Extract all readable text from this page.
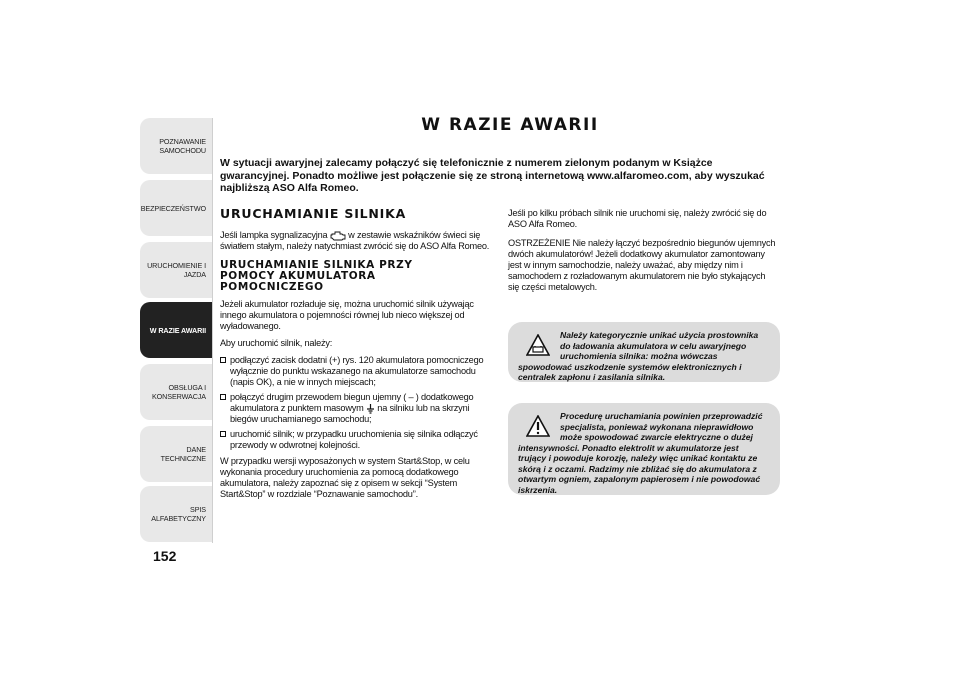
POZNAWANIE
SAMOCHODU
BEZPIECZEŃSTWO
URUCHOMIENIE I
JAZDA
W RAZIE AWARII
OBSŁUGA I
KONSERWACJA
DANE TECHNICZNE
SPIS ALFABETYCZNY
152
W RAZIE AWARII
W sytuacji awaryjnej zalecamy połączyć się telefonicznie z numerem zielonym podanym w Książce gwarancyjnej. Ponadto możliwe jest połączenie się ze stroną internetową www.alfaromeo.com, aby wyszukać najbliższą ASO Alfa Romeo.
URUCHAMIANIE SILNIKA
Jeśli lampka sygnalizacyjna  w zestawie wskaźników świeci się światłem stałym, należy natychmiast zwrócić się do ASO Alfa Romeo.
URUCHAMIANIE SILNIKA PRZY
POMOCY AKUMULATORA
POMOCNICZEGO
Jeżeli akumulator rozładuje się, można uruchomić silnik używając innego akumulatora o pojemności równej lub nieco większej od wyładowanego.
Aby uruchomić silnik, należy:
podłączyć zacisk dodatni (+) rys. 120 akumulatora pomocniczego wyłącznie do punktu wskazanego na akumulatorze samochodu (napis OK), a nie w innych miejscach;
połączyć drugim przewodem biegun ujemny ( – ) dodatkowego akumulatora z punktem masowym  na silniku lub na skrzyni biegów uruchamianego samochodu;
uruchomić silnik; w przypadku uruchomienia się silnika odłączyć przewody w odwrotnej kolejności.
W przypadku wersji wyposażonych w system Start&Stop, w celu wykonania procedury uruchomienia za pomocą dodatkowego akumulatora, należy zapoznać się z opisem w sekcji “System Start&Stop” w rozdziale “Poznawanie samochodu”.
Jeśli po kilku próbach silnik nie uruchomi się, należy zwrócić się do ASO Alfa Romeo.
OSTRZEŻENIE Nie należy łączyć bezpośrednio biegunów ujemnych dwóch akumulatorów! Jeżeli dodatkowy akumulator zamontowany jest w innym samochodzie, należy uważać, aby między nim i samochodem z rozładowanym akumulatorem nie było stykających się części metalowych.
Należy kategorycznie unikać użycia prostownika do ładowania akumulatora w celu awaryjnego uruchomienia silnika: można wówczas spowodować uszkodzenie systemów elektronicznych i centralek zapłonu i zasilania silnika.
Procedurę uruchamiania powinien przeprowadzić specjalista, ponieważ wykonana nieprawidłowo może spowodować zwarcie elektryczne o dużej intensywności. Ponadto elektrolit w akumulatorze jest trujący i powoduje korozję, należy więc unikać kontaktu ze skórą i z oczami. Radzimy nie zbliżać się do akumulatora z otwartym ogniem, zapalonym papierosem i nie powodować iskrzenia.
